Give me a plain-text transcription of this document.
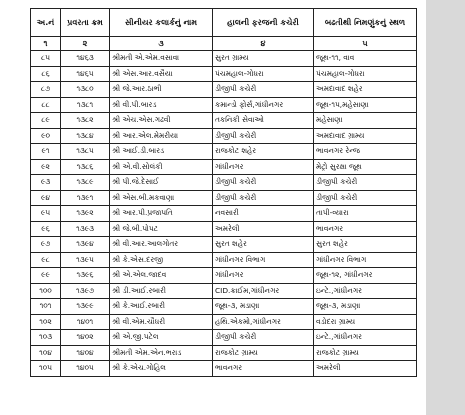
અ.નં	પ્રવરતા ક્રમ	સીનીયર કલાર્કનું નામ	હાલની ફરજની કચેરી	બઢતીથી નિમણુંકનું સ્થળ
૧	૨	૩	૪	૫
૮૫	૧૪૬૩	શ્રીમતી એ.એમ.વસાવા	સુરત ગ્રામ્ય	જૂથ-૧૧, વાવ
૮૬	૧૪૬૫	શ્રી એસ.આર.વસૈયા	પંચમહાલ-ગોધરા	પંચમહાલ-ગોધરા
૮૭	૧૩૮૦	શ્રી જે.આર.ઠાભી	ડીજીપી કચેરી	અમદાવાદ શહેર
૮૮	૧૩૮૧	શ્રી વી.પી.બારડ	કમાન્ડો ફોર્સ,ગાંધીનગર	જૂથ-૧૫,મહેસાણા
૮૯	૧૩૮૨	શ્રી એચ.એસ.ગઢવી	તકનિકી સેવાઓ	મહેસાણા
૯૦	૧૩૮૪	શ્રી આર.એલ.મેમરીયા	ડીજીપી કચેરી	અમદાવાદ ગ્રામ્ય
૯૧	૧૩૮૫	શ્રી આઈ.ડી.બારડ	રાજકોટ શહેર	ભાવનગર રેન્જ
૯૨	૧૩૮૬	શ્રી એ.વી.સોલંકી	ગાંધીનગર	મેટ્રો સુરક્ષા જૂથ
૯૩	૧૩૮૯	શ્રી પી.જે.દેસાઈ	ડીજીપી કચેરી	ડીજીપી કચેરી
૯૪	૧૩૯૧	શ્રી એસ.બી.મકવાણા	ડીજીપી કચેરી	ડીજીપી કચેરી
૯૫	૧૩૯૨	શ્રી આર.પી.પ્રજાપતિ	નવસારી	તાપી-વ્યારા
૯૬	૧૩૯૩	શ્રી જે.બી.પોપટ	અમરેલી	ભાવનગર
૯૭	૧૩૯૪	શ્રી વી.આર.આલગોતર	સુરત શહેર	સુરત શહેર
૯૮	૧૩૯૫	શ્રી કે.એસ.દરજી	ગાંધીનગર વિભાગ	ગાંધીનગર વિભાગ
૯૯	૧૩૯૬	શ્રી એ.એલ.જાદવ	ગાંધીનગર	જૂથ-૧૨, ગાંધીનગર
૧૦૦	૧૩૯૭	શ્રી ડી.આઈ.રબારી	CID.ક્રાઈમ,ગાંધીનગર	ઇન્ટે.,ગાંધીનગર
૧૦૧	૧૩૯૯	શ્રી કે.આઈ.રબારી	જૂથ-૩, મડાણા	જૂથ-૩, મડાણા
૧૦૨	૧૪૦૧	શ્રી વી.એમ.ચૌધરી	હથિ.એકમો,ગાંધીનગર	વડોદરા ગ્રામ્ય
૧૦૩	૧૪૦૨	શ્રી એ.જી.પટેલ	ડીજીપી કચેરી	ઇન્ટે.,ગાંધીનગર
૧૦૪	૧૪૦૪	શ્રીમતી એમ.એન.ભરાડ	રાજકોટ ગ્રામ્ય	રાજકોટ ગ્રામ્ય
૧૦૫	૧૪૦૫	શ્રી કે.એચ.ગોહિલ	ભાવનગર	અમરેલી
